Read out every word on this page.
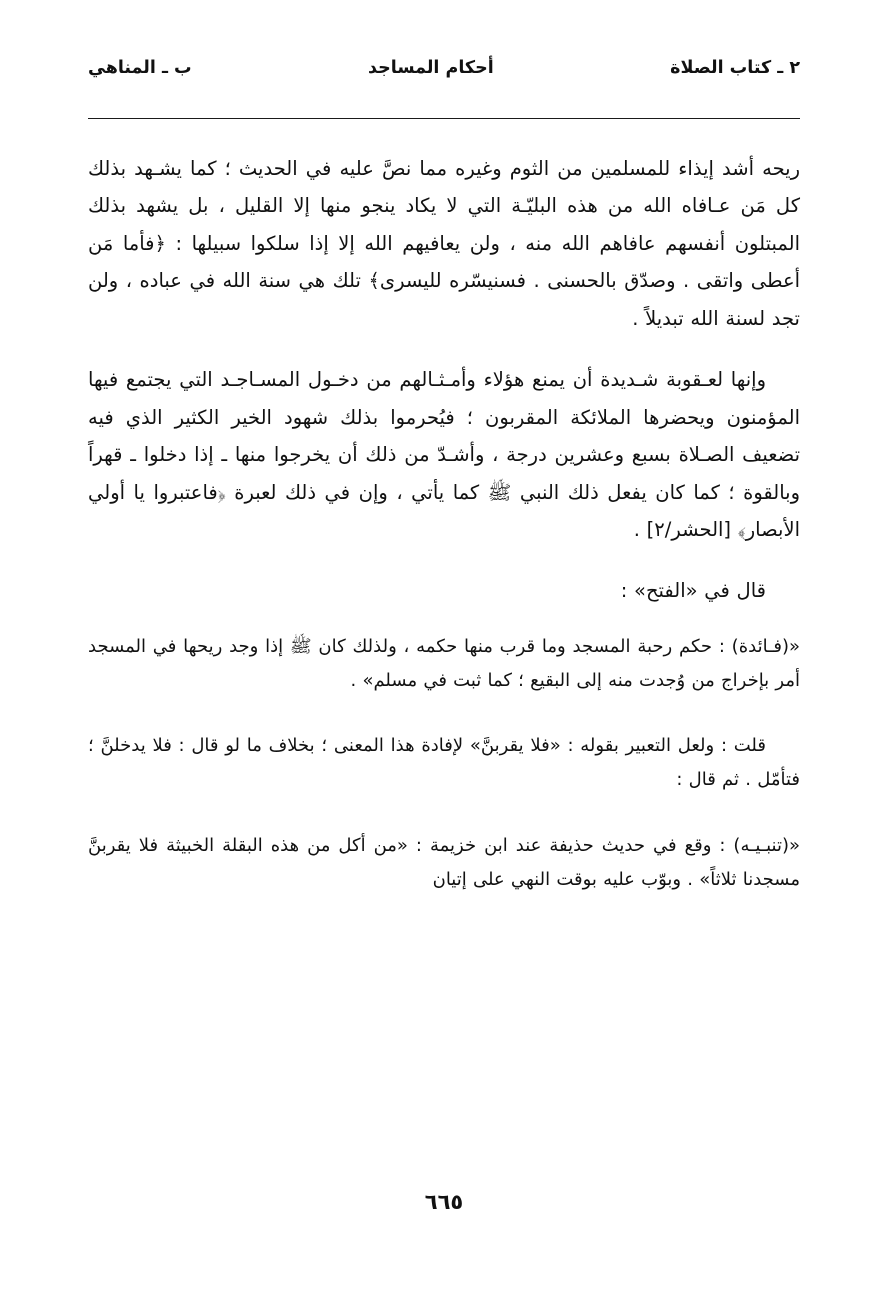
٢ ـ كتاب الصلاة
أحكام المساجد
ب ـ المناهي

ريحه أشد إيذاء للمسلمين من الثوم وغيره مما نصَّ عليه في الحديث ؛ كما يشـهد بذلك كل مَن عـافاه الله من هذه البليّـة التي لا يكاد ينجو منها إلا القليل ، بل يشهد بذلك المبتلون أنفسهم عافاهم الله منه ، ولن يعافيهم الله إلا إذا سلكوا سبيلها : ﴿فأما مَن أعطى واتقى . وصدّق بالحسنى . فسنيسّره لليسرى﴾ تلك هي سنة الله في عباده ، ولن تجد لسنة الله تبديلاً .

وإنها لعـقوبة شـديدة أن يمنع هؤلاء وأمـثـالهم من دخـول المسـاجـد التي يجتمع فيها المؤمنون ويحضرها الملائكة المقربون ؛ فيُحرموا بذلك شهود الخير الكثير الذي فيه تضعيف الصـلاة بسبع وعشرين درجة ، وأشـدّ من ذلك أن يخرجوا منها ـ إذا دخلوا ـ قهراً وبالقوة ؛ كما كان يفعل ذلك النبي ﷺ كما يأتي ، وإن في ذلك لعبرة ﴿فاعتبروا يا أولي الأبصار﴾ [الحشر/٢] .

قال في «الفتح» :

«(فـائدة) : حكم رحبة المسجد وما قرب منها حكمه ، ولذلك كان ﷺ إذا وجد ريحها في المسجد أمر بإخراج من وُجدت منه إلى البقيع ؛ كما ثبت في مسلم» .

قلت : ولعل التعبير بقوله : «فلا يقربنَّ» لإفادة هذا المعنى ؛ بخلاف ما لو قال : فلا يدخلنَّ ؛ فتأمّل . ثم قال :

«(تنبـيـه) : وقع في حديث حذيفة عند ابن خزيمة : «من أكل من هذه البقلة الخبيثة فلا يقربنَّ مسجدنا ثلاثاً» . وبوّب عليه بوقت النهي على إتيان

٦٦٥
